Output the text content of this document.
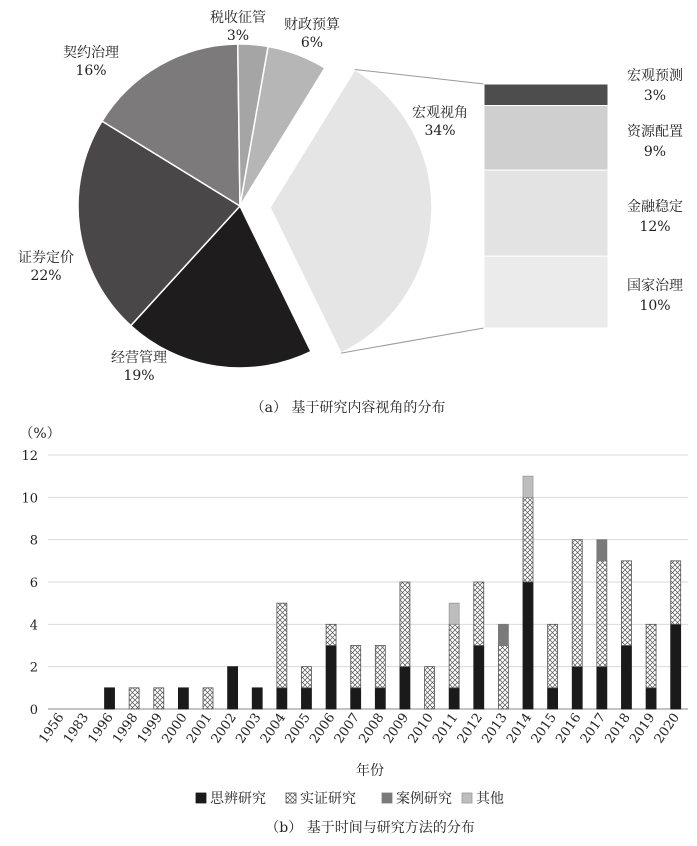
经营管理
19%
证券定价
22%
契约治理
16%
税收征管
3%
财政预算
6%
宏观视角
34%
宏观预测
3%
资源配置
9%
金融稳定
12%
国家治理
10%
（a） 基于研究内容视角的分布
（%）
0
2
4
6
8
10
12
1956
1983
1996
1998
1999
2000
2001
2002
2003
2004
2005
2006
2007
2008
2009
2010
2011
2012
2013
2014
2015
2016
2017
2018
2019
2020
年份
思辨研究 实证研究	案例研究 其他
（b） 基于时间与研究方法的分布
